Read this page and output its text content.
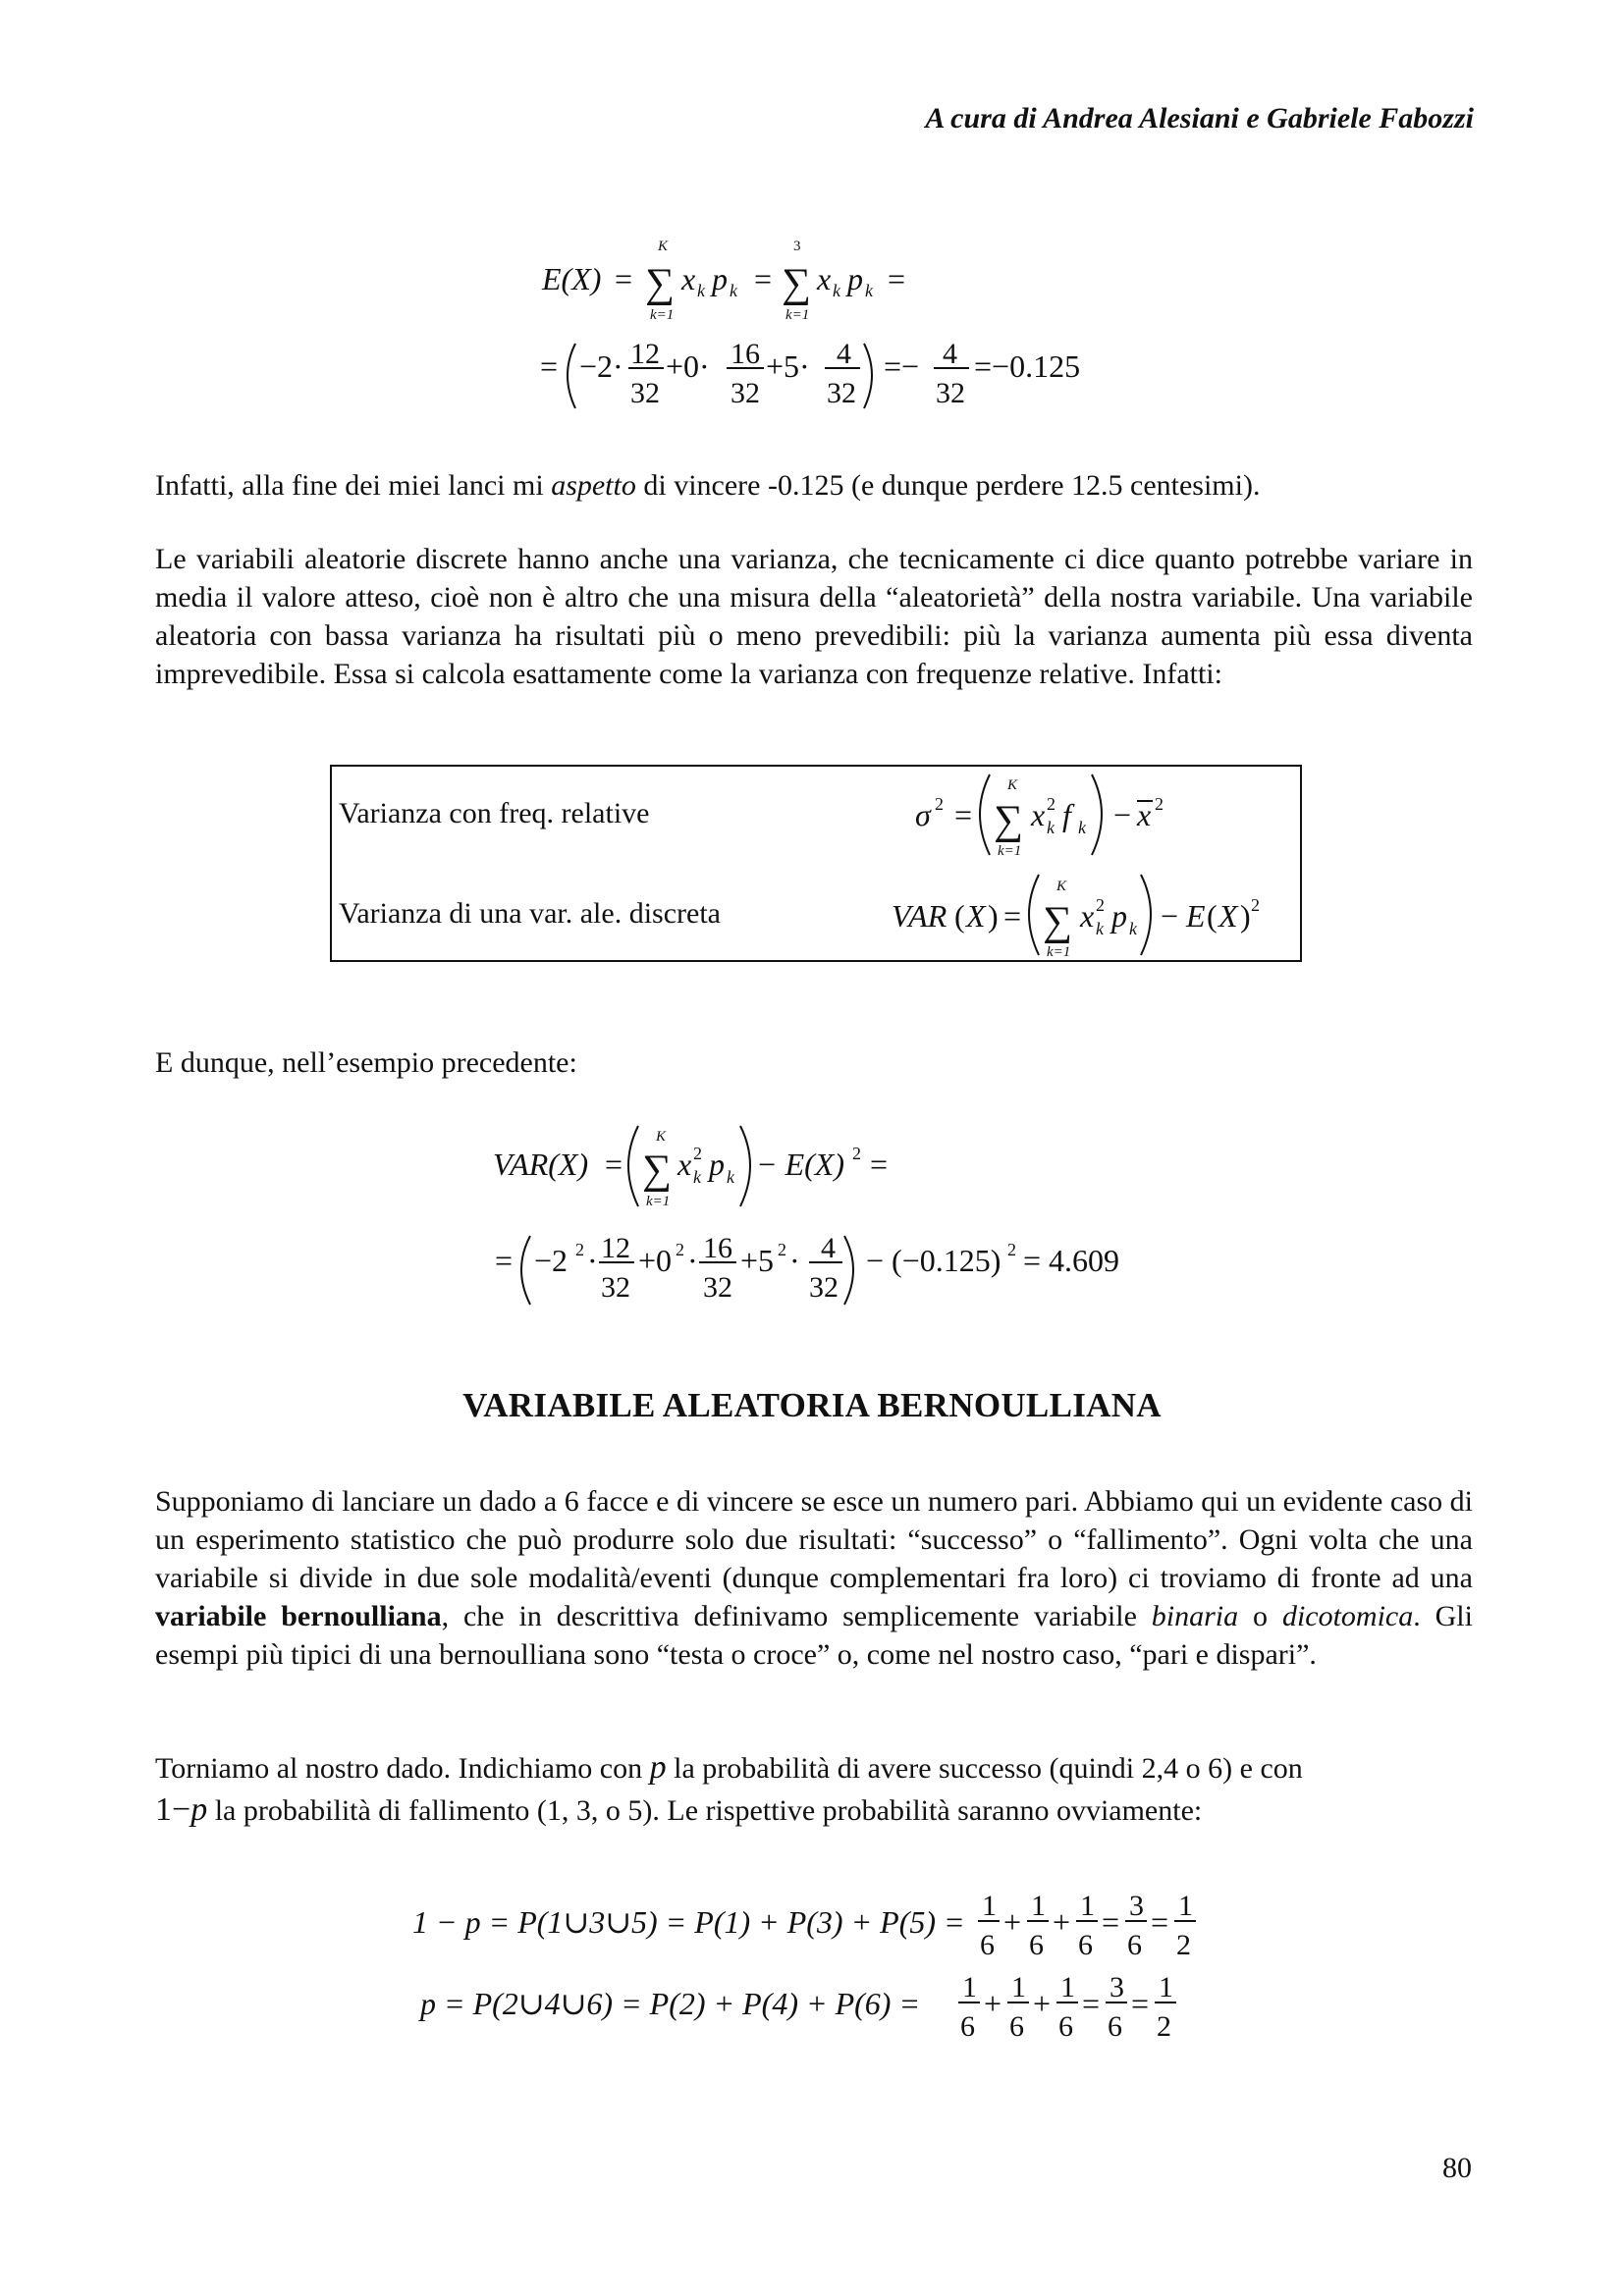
A cura di Andrea Alesiani e Gabriele Fabozzi
E(X) =
K
∑
k=1
x k p k =
3
∑
k=1
x k p k =
= −2· 12
32
+0· 16
32
+5· 4
32
=− 4
32
=−0.125

Infatti, alla fine dei miei lanci mi aspetto di vincere -0.125 (e dunque perdere 12.5 centesimi).

Le variabili aleatorie discrete hanno anche una varianza, che tecnicamente ci dice quanto potrebbe variare in media il valore atteso, cioè non è altro che una misura della “aleatorietà” della nostra variabile. Una variabile aleatoria con bassa varianza ha risultati più o meno prevedibili: più la varianza aumenta più essa diventa imprevedibile. Essa si calcola esattamente come la varianza con frequenze relative. Infatti:

Varianza con freq. relative
Varianza di una var. ale. discreta
σ 2 =
K
∑
k=1
x 2
k f k − x 2
VAR ( X ) =
K
∑
k=1
x 2
k p k − E ( X ) 2

E dunque, nell’esempio precedente:

VAR(X) =
K
∑
k=1
x 2
k p k − E(X) 2 =
= −2 2 · 12
32
+0 2 · 16
32
+5 2 · 4
32
− (−0.125) 2 = 4.609
VARIABILE ALEATORIA BERNOULLIANA

Supponiamo di lanciare un dado a 6 facce e di vincere se esce un numero pari. Abbiamo qui un evidente caso di un esperimento statistico che può produrre solo due risultati: “successo” o “fallimento”. Ogni volta che una variabile si divide in due sole modalità/eventi (dunque complementari fra loro) ci troviamo di fronte ad una variabile bernoulliana, che in descrittiva definivamo semplicemente variabile binaria o dicotomica. Gli esempi più tipici di una bernoulliana sono “testa o croce” o, come nel nostro caso, “pari e dispari”.

Torniamo al nostro dado. Indichiamo con p la probabilità di avere successo (quindi 2,4 o 6) e con
1−p la probabilità di fallimento (1, 3, o 5). Le rispettive probabilità saranno ovviamente:

1 − p = P(1∪3∪5) = P(1) + P(3) + P(5) = 1
6
+ 1
6
+ 1
6
= 3
6
= 1
2
p = P(2∪4∪6) = P(2) + P(4) + P(6) = 1
6
+ 1
6
+ 1
6
= 3
6
= 1
2
80
